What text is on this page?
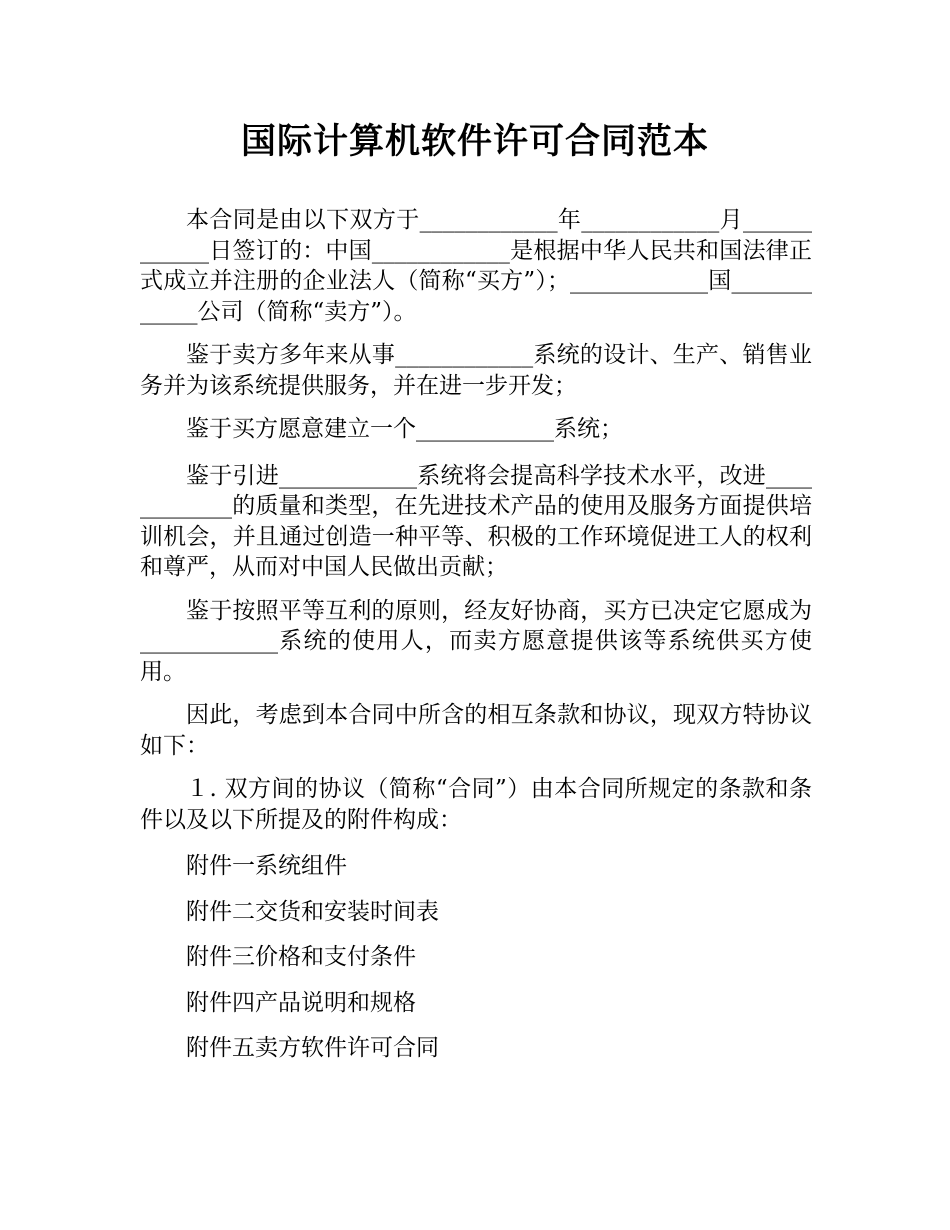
国际计算机软件许可合同范本

本合同是由以下双方于____________年____________月____________日签订的：中国____________是根据中华人民共和国法律正式成立并注册的企业法人（简称“买方”）；____________国____________公司（简称“卖方”）。

鉴于卖方多年来从事____________系统的设计、生产、销售业务并为该系统提供服务，并在进一步开发；

鉴于买方愿意建立一个____________系统；

鉴于引进____________系统将会提高科学技术水平，改进____________的质量和类型，在先进技术产品的使用及服务方面提供培训机会，并且通过创造一种平等、积极的工作环境促进工人的权利和尊严，从而对中国人民做出贡献；

鉴于按照平等互利的原则，经友好协商，买方已决定它愿成为____________系统的使用人，而卖方愿意提供该等系统供买方使用。

因此，考虑到本合同中所含的相互条款和协议，现双方特协议如下：

１. 双方间的协议（简称“合同”）由本合同所规定的条款和条件以及以下所提及的附件构成：

附件一系统组件
附件二交货和安装时间表
附件三价格和支付条件
附件四产品说明和规格
附件五卖方软件许可合同
